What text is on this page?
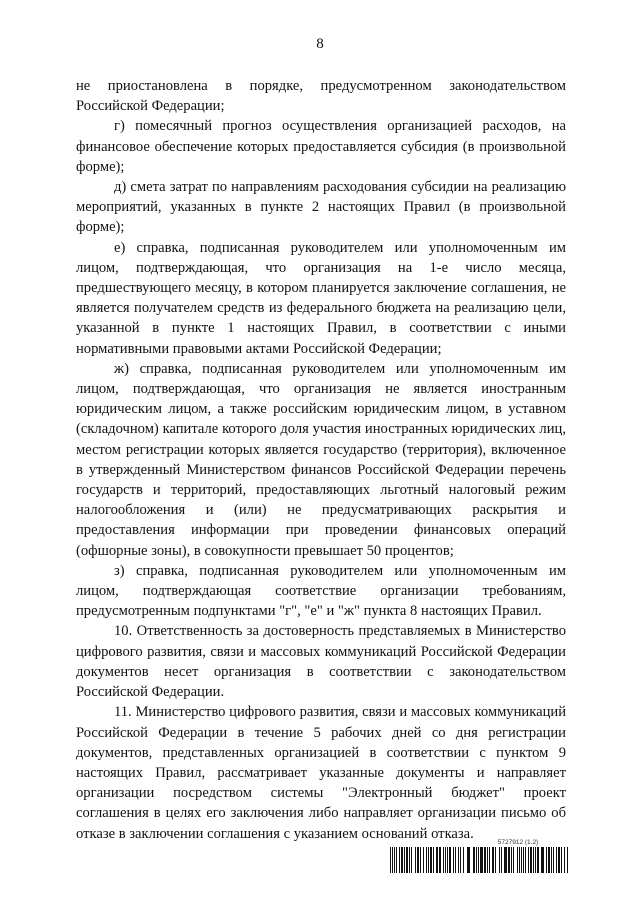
8

не приостановлена в порядке, предусмотренном законодательством Российской Федерации;

г) помесячный прогноз осуществления организацией расходов, на финансовое обеспечение которых предоставляется субсидия (в произвольной форме);

д) смета затрат по направлениям расходования субсидии на реализацию мероприятий, указанных в пункте 2 настоящих Правил (в произвольной форме);

е) справка, подписанная руководителем или уполномоченным им лицом, подтверждающая, что организация на 1-е число месяца, предшествующего месяцу, в котором планируется заключение соглашения, не является получателем средств из федерального бюджета на реализацию цели, указанной в пункте 1 настоящих Правил, в соответствии с иными нормативными правовыми актами Российской Федерации;

ж) справка, подписанная руководителем или уполномоченным им лицом, подтверждающая, что организация не является иностранным юридическим лицом, а также российским юридическим лицом, в уставном (складочном) капитале которого доля участия иностранных юридических лиц, местом регистрации которых является государство (территория), включенное в утвержденный Министерством финансов Российской Федерации перечень государств и территорий, предоставляющих льготный налоговый режим налогообложения и (или) не предусматривающих раскрытия и предоставления информации при проведении финансовых операций (офшорные зоны), в совокупности превышает 50 процентов;

з) справка, подписанная руководителем или уполномоченным им лицом, подтверждающая соответствие организации требованиям, предусмотренным подпунктами "г", "е" и "ж" пункта 8 настоящих Правил.

10. Ответственность за достоверность представляемых в Министерство цифрового развития, связи и массовых коммуникаций Российской Федерации документов несет организация в соответствии с законодательством Российской Федерации.

11. Министерство цифрового развития, связи и массовых коммуникаций Российской Федерации в течение 5 рабочих дней со дня регистрации документов, представленных организацией в соответствии с пунктом 9 настоящих Правил, рассматривает указанные документы и направляет организации посредством системы "Электронный бюджет" проект соглашения в целях его заключения либо направляет организации письмо об отказе в заключении соглашения с указанием оснований отказа.

5727912 (1.2)
